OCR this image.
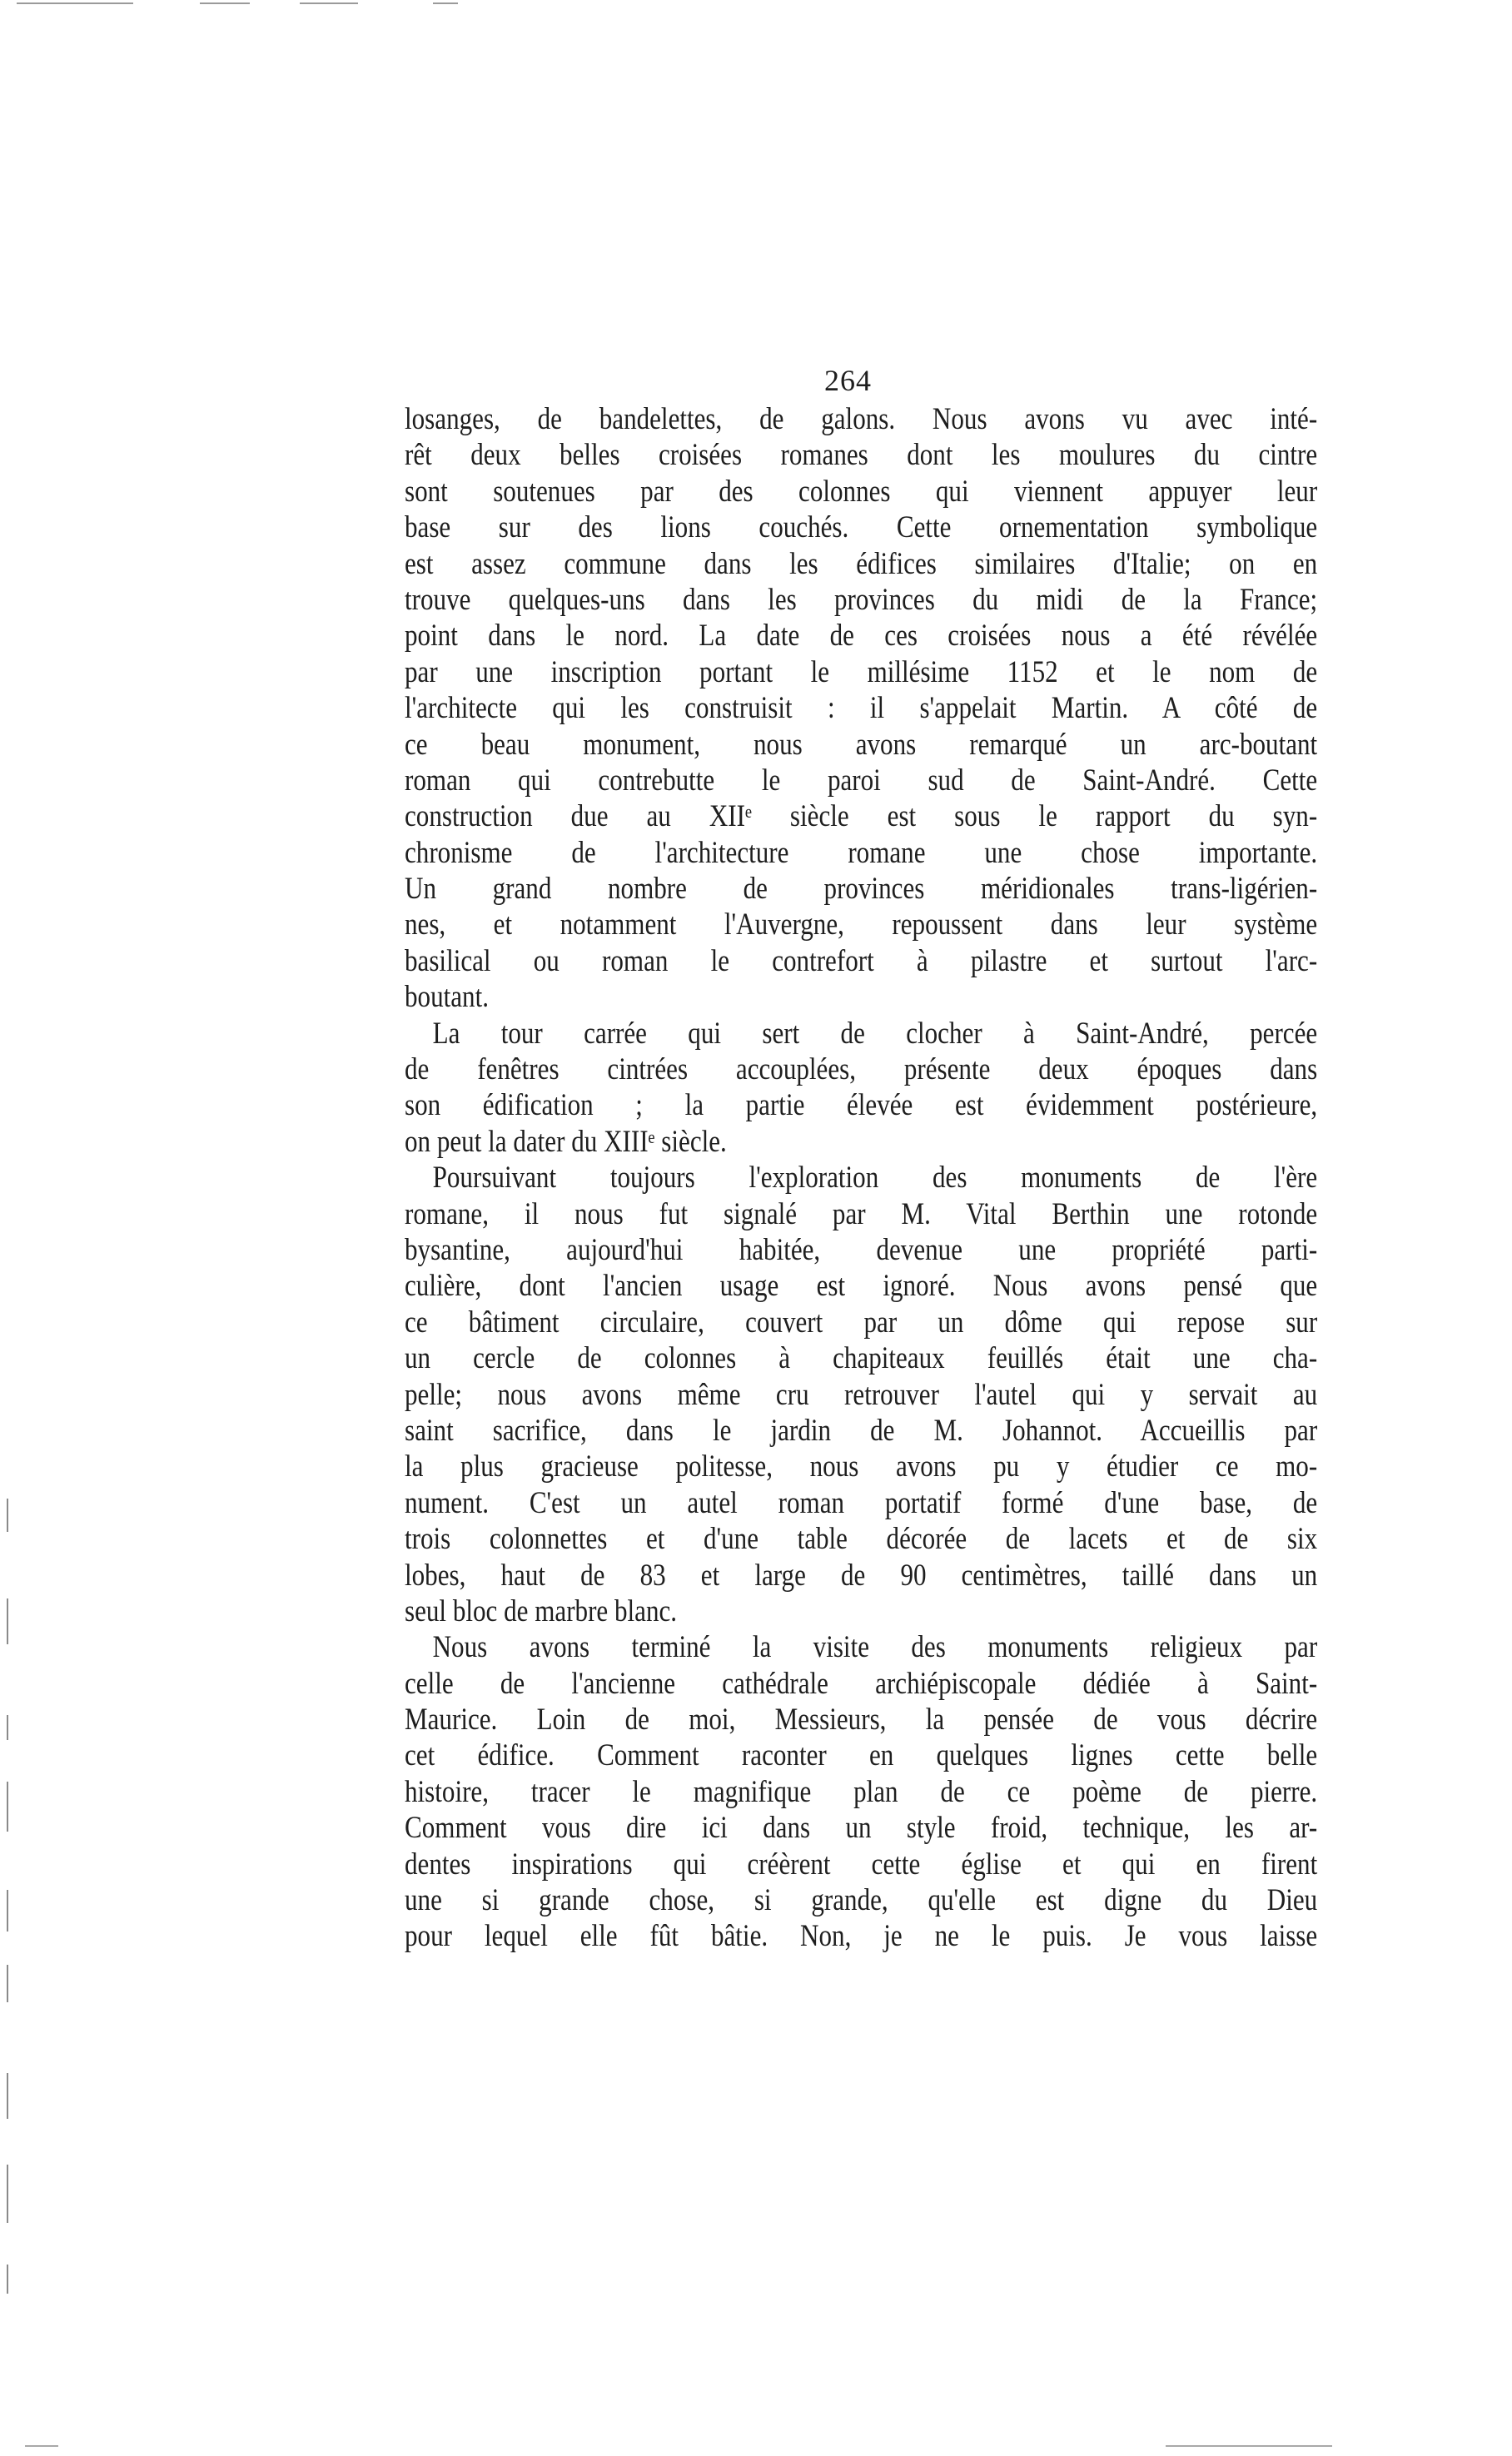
264
losanges, de bandelettes, de galons. Nous avons vu avec inté-
rêt deux belles croisées romanes dont les moulures du cintre
sont soutenues par des colonnes qui viennent appuyer leur
base sur des lions couchés. Cette ornementation symbolique
est assez commune dans les édifices similaires d'Italie; on en
trouve quelques-uns dans les provinces du midi de la France;
point dans le nord. La date de ces croisées nous a été révélée
par une inscription portant le millésime 1152 et le nom de
l'architecte qui les construisit : il s'appelait Martin. A côté de
ce beau monument, nous avons remarqué un arc-boutant
roman qui contrebutte le paroi sud de Saint-André. Cette
construction due au XIIᵉ siècle est sous le rapport du syn-
chronisme de l'architecture romane une chose importante.
Un grand nombre de provinces méridionales trans-ligérien-
nes, et notamment l'Auvergne, repoussent dans leur système
basilical ou roman le contrefort à pilastre et surtout l'arc-
boutant.
La tour carrée qui sert de clocher à Saint-André, percée
de fenêtres cintrées accouplées, présente deux époques dans
son édification ; la partie élevée est évidemment postérieure,
on peut la dater du XIIIᵉ siècle.
Poursuivant toujours l'exploration des monuments de l'ère
romane, il nous fut signalé par M. Vital Berthin une rotonde
bysantine, aujourd'hui habitée, devenue une propriété parti-
culière, dont l'ancien usage est ignoré. Nous avons pensé que
ce bâtiment circulaire, couvert par un dôme qui repose sur
un cercle de colonnes à chapiteaux feuillés était une cha-
pelle; nous avons même cru retrouver l'autel qui y servait au
saint sacrifice, dans le jardin de M. Johannot. Accueillis par
la plus gracieuse politesse, nous avons pu y étudier ce mo-
nument. C'est un autel roman portatif formé d'une base, de
trois colonnettes et d'une table décorée de lacets et de six
lobes, haut de 83 et large de 90 centimètres, taillé dans un
seul bloc de marbre blanc.
Nous avons terminé la visite des monuments religieux par
celle de l'ancienne cathédrale archiépiscopale dédiée à Saint-
Maurice. Loin de moi, Messieurs, la pensée de vous décrire
cet édifice. Comment raconter en quelques lignes cette belle
histoire, tracer le magnifique plan de ce poème de pierre.
Comment vous dire ici dans un style froid, technique, les ar-
dentes inspirations qui créèrent cette église et qui en firent
une si grande chose, si grande, qu'elle est digne du Dieu
pour lequel elle fût bâtie. Non, je ne le puis. Je vous laisse
